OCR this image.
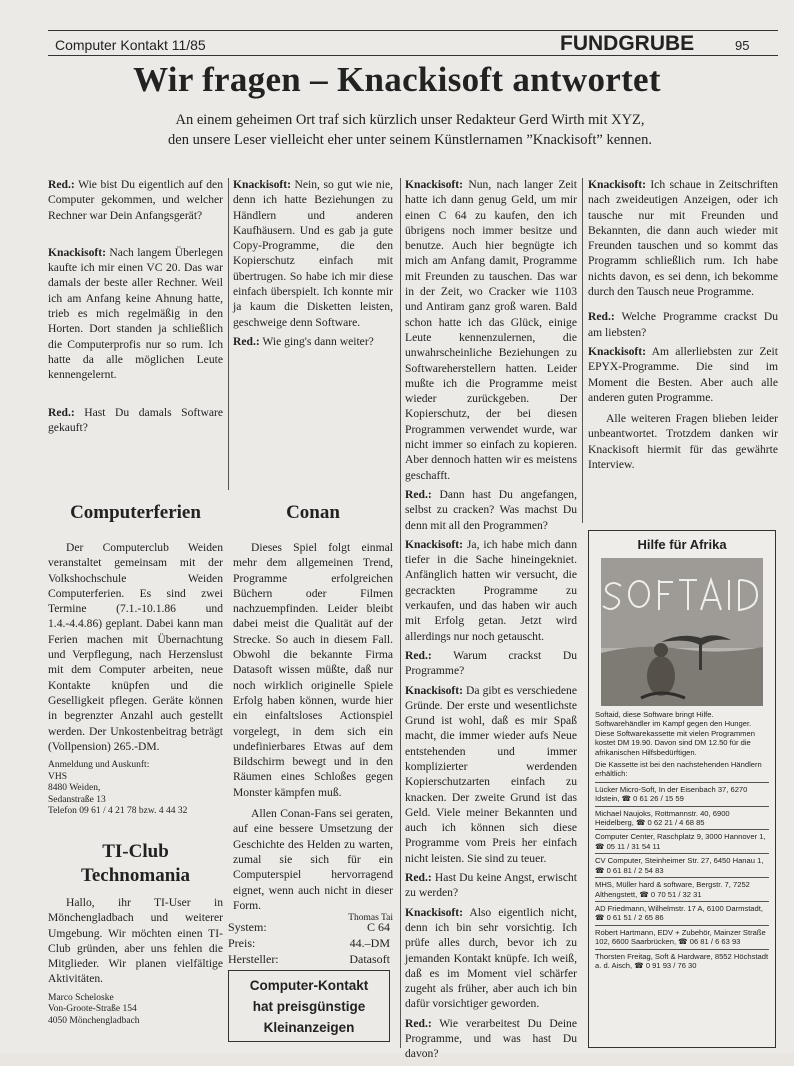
Computer Kontakt 11/85	FUNDGRUBE	95
Wir fragen – Knackisoft antwortet
An einem geheimen Ort traf sich kürzlich unser Redakteur Gerd Wirth mit XYZ,
den unsere Leser vielleicht eher unter seinem Künstlernamen ”Knackisoft” kennen.

Red.: Wie bist Du eigentlich auf den Computer gekommen, und welcher Rechner war Dein Anfangsgerät?

Knackisoft: Nach langem Überlegen kaufte ich mir einen VC 20. Das war damals der beste aller Rechner. Weil ich am Anfang keine Ahnung hatte, trieb es mich regelmäßig in den Horten. Dort standen ja schließlich die Computerprofis nur so rum. Ich hatte da alle möglichen Leute kennengelernt.

Red.: Hast Du damals Software gekauft?

Computerferien

Der Computerclub Weiden veranstaltet gemeinsam mit der Volkshochschule Weiden Computerferien. Es sind zwei Termine (7.1.-10.1.86 und 1.4.-4.4.86) geplant. Dabei kann man Ferien machen mit Übernachtung und Verpflegung, nach Herzenslust mit dem Computer arbeiten, neue Kontakte knüpfen und die Geselligkeit pflegen. Geräte können in begrenzter Anzahl auch gestellt werden. Der Unkostenbeitrag beträgt (Vollpension) 265.-DM.

Anmeldung und Auskunft:
VHS
8480 Weiden,
Sedanstraße 13
Telefon 09 61 / 4 21 78 bzw. 4 44 32
TI-Club
Technomania

Hallo, ihr TI-User in Mönchengladbach und weiterer Umgebung. Wir möchten einen TI-Club gründen, aber uns fehlen die Mitglieder. Wir planen vielfältige Aktivitäten.

Marco Scheloske
Von-Groote-Straße 154
4050 Mönchengladbach

Knackisoft: Nein, so gut wie nie, denn ich hatte Beziehungen zu Händlern und anderen Kaufhäusern. Und es gab ja gute Copy-Programme, die den Kopierschutz einfach mit übertrugen. So habe ich mir diese einfach überspielt. Ich konnte mir ja kaum die Disketten leisten, geschweige denn Software.

Red.: Wie ging's dann weiter?

Conan

Dieses Spiel folgt einmal mehr dem allgemeinen Trend, Programme erfolgreichen Büchern oder Filmen nachzuempfinden. Leider bleibt dabei meist die Qualität auf der Strecke. So auch in diesem Fall. Obwohl die bekannte Firma Datasoft wissen müßte, daß nur noch wirklich originelle Spiele Erfolg haben können, wurde hier ein einfaltsloses Actionspiel vorgelegt, in dem sich ein undefinierbares Etwas auf dem Bildschirm bewegt und in den Räumen eines Schloßes gegen Monster kämpfen muß.

Allen Conan-Fans sei geraten, auf eine bessere Umsetzung der Geschichte des Helden zu warten, zumal sie sich für ein Computerspiel hervorragend eignet, wenn auch nicht in dieser Form.

Thomas Tai
System:	C 64
Preis:	44.–DM
Hersteller:	Datasoft
Computer-Kontakt
hat preisgünstige
Kleinanzeigen

Knackisoft: Nun, nach langer Zeit hatte ich dann genug Geld, um mir einen C 64 zu kaufen, den ich übrigens noch immer besitze und benutze. Auch hier begnügte ich mich am Anfang damit, Programme mit Freunden zu tauschen. Das war in der Zeit, wo Cracker wie 1103 und Antiram ganz groß waren. Bald schon hatte ich das Glück, einige Leute kennenzulernen, die unwahrscheinliche Beziehungen zu Softwareherstellern hatten. Leider mußte ich die Programme meist wieder zurückgeben. Der Kopierschutz, der bei diesen Programmen verwendet wurde, war nicht immer so einfach zu kopieren. Aber dennoch hatten wir es meistens geschafft.

Red.: Dann hast Du angefangen, selbst zu cracken? Was machst Du denn mit all den Programmen?

Knackisoft: Ja, ich habe mich dann tiefer in die Sache hineingekniet. Anfänglich hatten wir versucht, die gecrackten Programme zu verkaufen, und das haben wir auch mit Erfolg getan. Jetzt wird allerdings nur noch getauscht.

Red.: Warum crackst Du Programme?

Knackisoft: Da gibt es verschiedene Gründe. Der erste und wesentlichste Grund ist wohl, daß es mir Spaß macht, die immer wieder aufs Neue entstehenden und immer komplizierter werdenden Kopierschutzarten einfach zu knacken. Der zweite Grund ist das Geld. Viele meiner Bekannten und auch ich können sich diese Programme vom Preis her einfach nicht leisten. Sie sind zu teuer.

Red.: Hast Du keine Angst, erwischt zu werden?

Knackisoft: Also eigentlich nicht, denn ich bin sehr vorsichtig. Ich prüfe alles durch, bevor ich zu jemanden Kontakt knüpfe. Ich weiß, daß es im Moment viel schärfer zugeht als früher, aber auch ich bin dafür vorsichtiger geworden.

Red.: Wie verarbeitest Du Deine Programme, und was hast Du davon?

Knackisoft: Ich schaue in Zeitschriften nach zweideutigen Anzeigen, oder ich tausche nur mit Freunden und Bekannten, die dann auch wieder mit Freunden tauschen und so kommt das Programm schließlich rum. Ich habe nichts davon, es sei denn, ich bekomme durch den Tausch neue Programme.

Red.: Welche Programme crackst Du am liebsten?

Knackisoft: Am allerliebsten zur Zeit EPYX-Programme. Die sind im Moment die Besten. Aber auch alle anderen guten Programme.

Alle weiteren Fragen blieben leider unbeantwortet. Trotzdem danken wir Knackisoft hiermit für das gewährte Interview.

Hilfe für Afrika

Softaid, diese Software bringt Hilfe. Softwarehändler im Kampf gegen den Hunger. Diese Softwarekassette mit vielen Programmen kostet DM 19.90. Davon sind DM 12.50 für die afrikanischen Hilfsbedürftigen.

Die Kassette ist bei den nachstehenden Händlern erhältlich:

Lücker Micro-Soft, In der Eisenbach 37, 6270 Idstein, ☎ 0 61 26 / 15 59
Michael Naujoks, Rottmannstr. 40, 6900 Heidelberg, ☎ 0 62 21 / 4 68 85
Computer Center, Raschplatz 9, 3000 Hannover 1, ☎ 05 11 / 31 54 11
CV Computer, Steinheimer Str. 27, 6450 Hanau 1, ☎ 0 61 81 / 2 54 83
MHS, Müller hard & software, Bergstr. 7, 7252 Althengstett, ☎ 0 70 51 / 32 31
AD Friedmann, Wilhelmstr. 17 A, 6100 Darmstadt, ☎ 0 61 51 / 2 65 86
Robert Hartmann, EDV + Zubehör, Mainzer Straße 102, 6600 Saarbrücken, ☎ 06 81 / 6 63 93
Thorsten Freitag, Soft & Hardware, 8552 Höchstadt a. d. Aisch, ☎ 0 91 93 / 76 30
